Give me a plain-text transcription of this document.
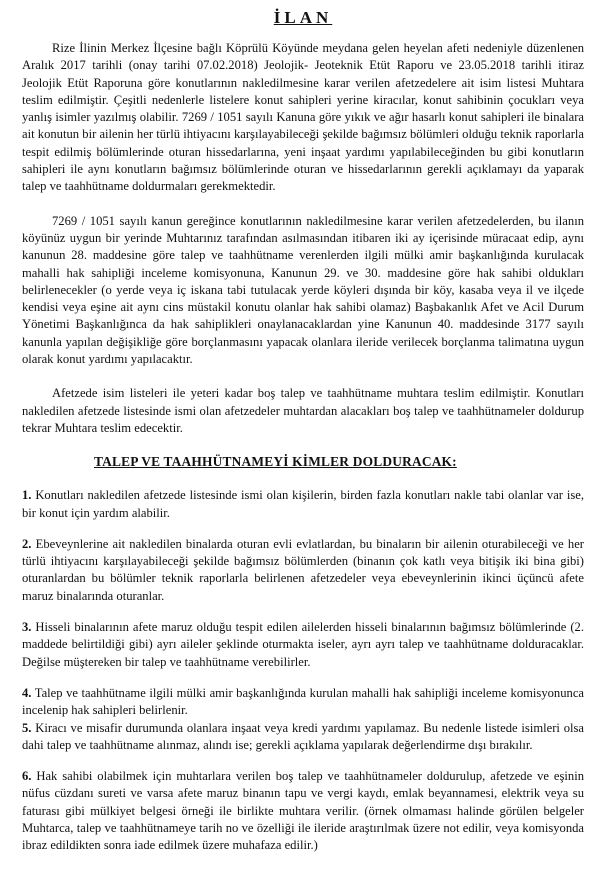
İLAN

Rize İlinin Merkez İlçesine bağlı Köprülü Köyünde meydana gelen heyelan afeti nedeniyle düzenlenen Aralık 2017 tarihli (onay tarihi 07.02.2018) Jeolojik- Jeoteknik Etüt Raporu ve 23.05.2018 tarihli itiraz Jeolojik Etüt Raporuna göre konutlarının nakledilmesine karar verilen afetzedelere ait isim listesi Muhtara teslim edilmiştir. Çeşitli nedenlerle listelere konut sahipleri yerine kiracılar, konut sahibinin çocukları veya yanlış isimler yazılmış olabilir. 7269 / 1051 sayılı Kanuna göre yıkık ve ağır hasarlı konut sahipleri ile binalara ait konutun bir ailenin her türlü ihtiyacını karşılayabileceği şekilde bağımsız bölümleri olduğu teknik raporlarla tespit edilmiş bölümlerinde oturan hissedarlarına, yeni inşaat yardımı yapılabileceğinden bu gibi konutların sahipleri ile aynı konutların bağımsız bölümlerinde oturan ve hissedarlarının gerekli açıklamayı da yaparak talep ve taahhütname doldurmaları gerekmektedir.

7269 / 1051 sayılı kanun gereğince konutlarının nakledilmesine karar verilen afetzedelerden, bu ilanın köyünüz uygun bir yerinde Muhtarınız tarafından asılmasından itibaren iki ay içerisinde müracaat edip, aynı kanunun 28. maddesine göre talep ve taahhütname verenlerden ilgili mülki amir başkanlığında kurulacak mahalli hak sahipliği inceleme komisyonuna, Kanunun 29. ve 30. maddesine göre hak sahibi oldukları belirlenecekler (o yerde veya iç iskana tabi tutulacak yerde köyleri dışında bir köy, kasaba veya il ve ilçede kendisi veya eşine ait aynı cins müstakil konutu olanlar hak sahibi olamaz) Başbakanlık Afet ve Acil Durum Yönetimi Başkanlığınca da hak sahiplikleri onaylanacaklardan yine Kanunun 40. maddesinde 3177 sayılı kanunla yapılan değişikliğe göre borçlanmasını yapacak olanlara ileride verilecek borçlanma talimatına uygun olarak konut yardımı yapılacaktır.

Afetzede isim listeleri ile yeteri kadar boş talep ve taahhütname muhtara teslim edilmiştir. Konutları nakledilen afetzede listesinde ismi olan afetzedeler muhtardan alacakları boş talep ve taahhütnameler doldurup tekrar Muhtara teslim edecektir.

TALEP VE TAAHHÜTNAMEYİ KİMLER DOLDURACAK:

1. Konutları nakledilen afetzede listesinde ismi olan kişilerin, birden fazla konutları nakle tabi olanlar var ise, bir konut için yardım alabilir.

2. Ebeveynlerine ait nakledilen binalarda oturan evli evlatlardan, bu binaların bir ailenin oturabileceği ve her türlü ihtiyacını karşılayabileceği şekilde bağımsız bölümlerden (binanın çok katlı veya bitişik iki bina gibi) oturanlardan bu bölümler teknik raporlarla belirlenen afetzedeler veya ebeveynlerinin ikinci üçüncü afete maruz binalarında oturanlar.

3. Hisseli binalarının afete maruz olduğu tespit edilen ailelerden hisseli binalarının bağımsız bölümlerinde (2. maddede belirtildiği gibi) ayrı aileler şeklinde oturmakta iseler, ayrı ayrı talep ve taahhütname dolduracaklar. Değilse müştereken bir talep ve taahhütname verebilirler.

4. Talep ve taahhütname ilgili mülki amir başkanlığında kurulan mahalli hak sahipliği inceleme komisyonunca incelenip hak sahipleri belirlenir.

5. Kiracı ve misafir durumunda olanlara inşaat veya kredi yardımı yapılamaz. Bu nedenle listede isimleri olsa dahi talep ve taahhütname alınmaz, alındı ise; gerekli açıklama yapılarak değerlendirme dışı bırakılır.

6. Hak sahibi olabilmek için muhtarlara verilen boş talep ve taahhütnameler doldurulup, afetzede ve eşinin nüfus cüzdanı sureti ve varsa afete maruz binanın tapu ve vergi kaydı, emlak beyannamesi, elektrik veya su faturası gibi mülkiyet belgesi örneği ile birlikte muhtara verilir. (örnek olmaması halinde görülen belgeler Muhtarca, talep ve taahhütnameye tarih no ve özelliği ile ileride araştırılmak üzere not edilir, veya komisyonda ibraz edildikten sonra iade edilmek üzere muhafaza edilir.)
